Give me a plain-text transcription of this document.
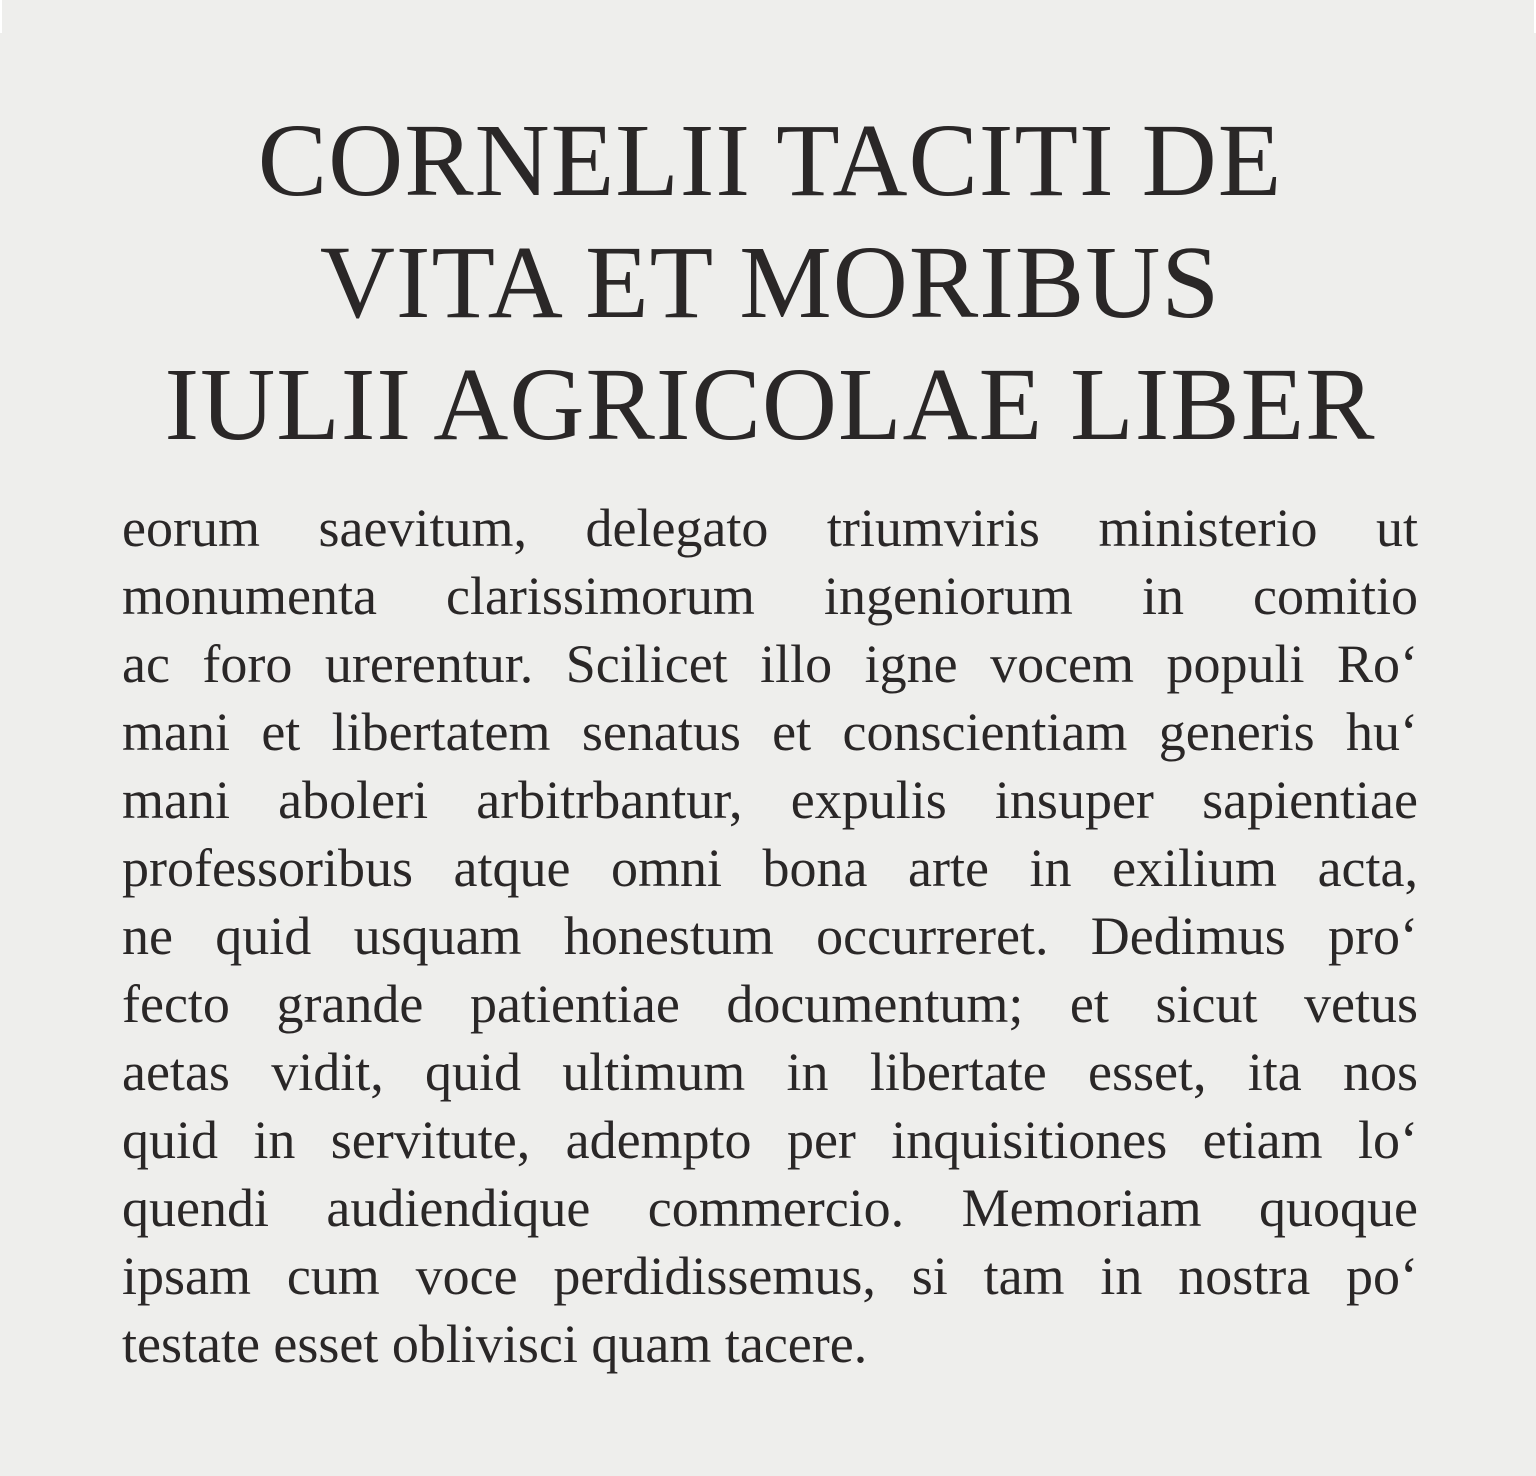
CORNELII TACITI DE
VITA ET MORIBUS
IULII AGRICOLAE LIBER
eorum saevitum, delegato triumviris ministerio ut
monumenta clarissimorum ingeniorum in comitio
ac foro urerentur. Scilicet illo igne vocem populi Ro‘
mani et libertatem senatus et conscientiam generis hu‘
mani aboleri arbitrbantur, expulis insuper sapientiae
professoribus atque omni bona arte in exilium acta,
ne quid usquam honestum occurreret. Dedimus pro‘
fecto grande patientiae documentum; et sicut vetus
aetas vidit, quid ultimum in libertate esset, ita nos
quid in servitute, adempto per inquisitiones etiam lo‘
quendi audiendique commercio. Memoriam quoque
ipsam cum voce perdidissemus, si tam in nostra po‘
testate esset oblivisci quam tacere.
